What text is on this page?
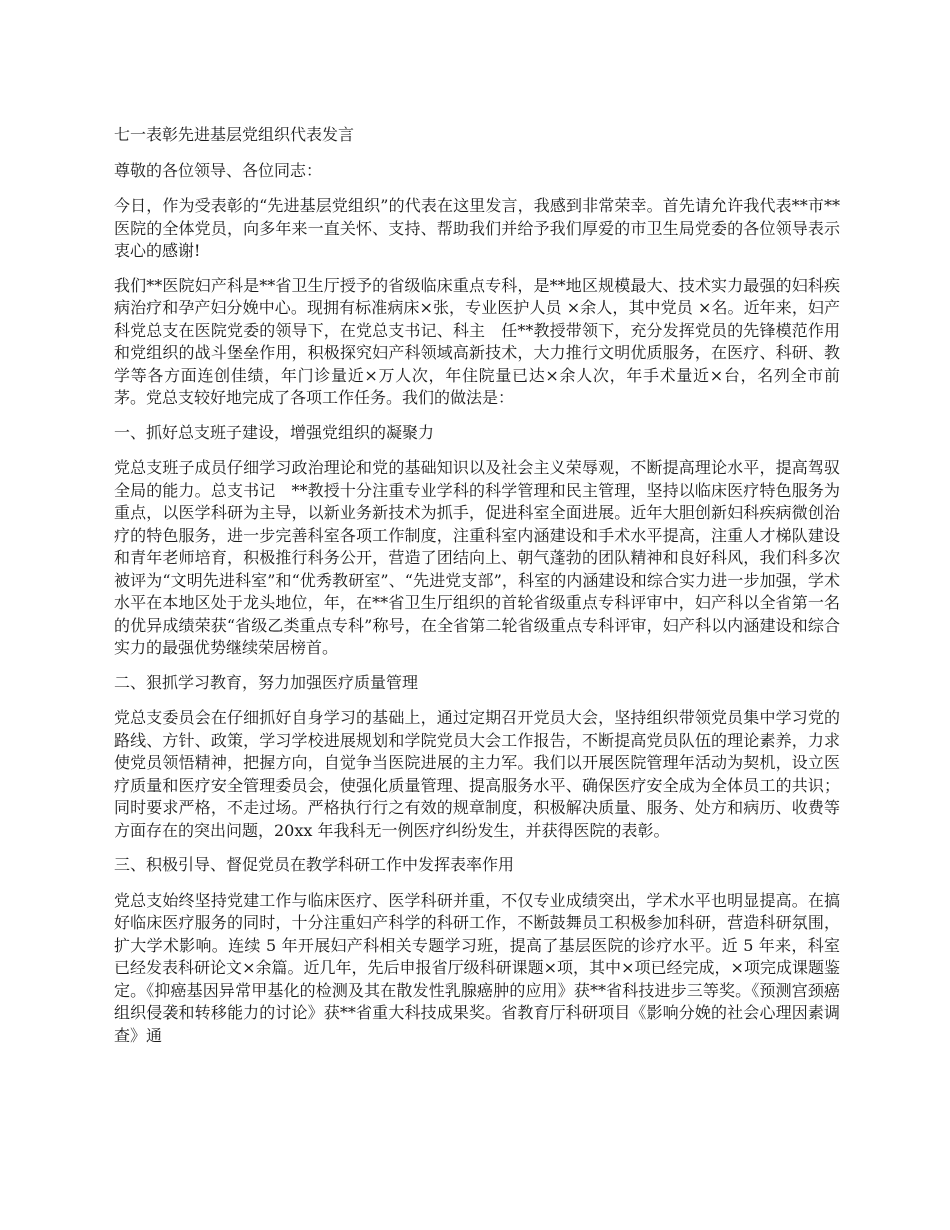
七一表彰先进基层党组织代表发言

尊敬的各位领导、各位同志：

今日，作为受表彰的“先进基层党组织”的代表在这里发言，我感到非常荣幸。首先请允许我代表**市**医院的全体党员，向多年来一直关怀、支持、帮助我们并给予我们厚爱的市卫生局党委的各位领导表示衷心的感谢!

我们**医院妇产科是**省卫生厅授予的省级临床重点专科，是**地区规模最大、技术实力最强的妇科疾病治疗和孕产妇分娩中心。现拥有标准病床×张，专业医护人员 ×余人，其中党员 ×名。近年来，妇产科党总支在医院党委的领导下，在党总支书记、科主　任**教授带领下，充分发挥党员的先锋模范作用和党组织的战斗堡垒作用，积极探究妇产科领域高新技术，大力推行文明优质服务，在医疗、科研、教学等各方面连创佳绩，年门诊量近×万人次，年住院量已达×余人次，年手术量近×台，名列全市前茅。党总支较好地完成了各项工作任务。我们的做法是：

一、抓好总支班子建设，增强党组织的凝聚力

党总支班子成员仔细学习政治理论和党的基础知识以及社会主义荣辱观，不断提高理论水平，提高驾驭全局的能力。总支书记　**教授十分注重专业学科的科学管理和民主管理，坚持以临床医疗特色服务为重点，以医学科研为主导，以新业务新技术为抓手，促进科室全面进展。近年大胆创新妇科疾病微创治疗的特色服务，进一步完善科室各项工作制度，注重科室内涵建设和手术水平提高，注重人才梯队建设和青年老师培育，积极推行科务公开，营造了团结向上、朝气蓬勃的团队精神和良好科风，我们科多次被评为“文明先进科室”和“优秀教研室”、“先进党支部”，科室的内涵建设和综合实力进一步加强，学术水平在本地区处于龙头地位，年，在**省卫生厅组织的首轮省级重点专科评审中，妇产科以全省第一名的优异成绩荣获“省级乙类重点专科”称号，在全省第二轮省级重点专科评审，妇产科以内涵建设和综合实力的最强优势继续荣居榜首。

二、狠抓学习教育，努力加强医疗质量管理

党总支委员会在仔细抓好自身学习的基础上，通过定期召开党员大会，坚持组织带领党员集中学习党的路线、方针、政策，学习学校进展规划和学院党员大会工作报告，不断提高党员队伍的理论素养，力求使党员领悟精神，把握方向，自觉争当医院进展的主力军。我们以开展医院管理年活动为契机，设立医疗质量和医疗安全管理委员会，使强化质量管理、提高服务水平、确保医疗安全成为全体员工的共识；同时要求严格，不走过场。严格执行行之有效的规章制度，积极解决质量、服务、处方和病历、收费等方面存在的突出问题，20xx 年我科无一例医疗纠纷发生，并获得医院的表彰。

三、积极引导、督促党员在教学科研工作中发挥表率作用

党总支始终坚持党建工作与临床医疗、医学科研并重，不仅专业成绩突出，学术水平也明显提高。在搞好临床医疗服务的同时，十分注重妇产科学的科研工作，不断鼓舞员工积极参加科研，营造科研氛围，扩大学术影响。连续 5 年开展妇产科相关专题学习班，提高了基层医院的诊疗水平。近 5 年来，科室已经发表科研论文×余篇。近几年，先后申报省厅级科研课题×项，其中×项已经完成，×项完成课题鉴定。《抑癌基因异常甲基化的检测及其在散发性乳腺癌肿的应用》获**省科技进步三等奖。《预测宫颈癌组织侵袭和转移能力的讨论》获**省重大科技成果奖。省教育厅科研项目《影响分娩的社会心理因素调查》通
